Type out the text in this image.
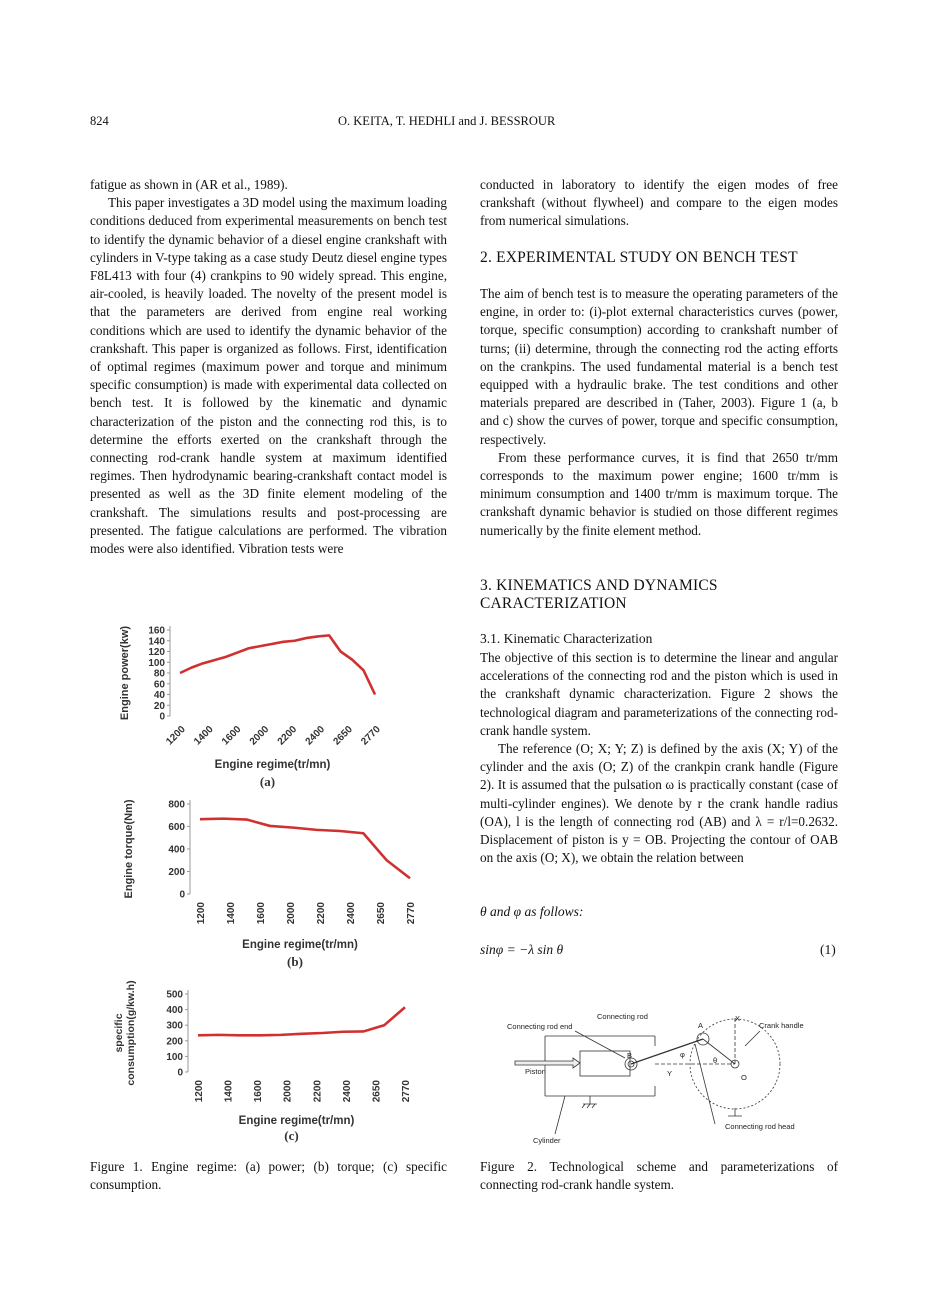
824	O. KEITA, T. HEDHLI and J. BESSROUR

fatigue as shown in (AR et al., 1989).

This paper investigates a 3D model using the maximum loading conditions deduced from experimental measurements on bench test to identify the dynamic behavior of a diesel engine crankshaft with cylinders in V-type taking as a case study Deutz diesel engine types F8L413 with four (4) crankpins to 90 widely spread. This engine, air-cooled, is heavily loaded. The novelty of the present model is that the parameters are derived from engine real working conditions which are used to identify the dynamic behavior of the crankshaft. This paper is organized as follows. First, identification of optimal regimes (maximum power and torque and minimum specific consumption) is made with experimental data collected on bench test. It is followed by the kinematic and dynamic characterization of the piston and the connecting rod this, is to determine the efforts exerted on the crankshaft through the connecting rod-crank handle system at maximum identified regimes. Then hydrodynamic bearing-crankshaft contact model is presented as well as the 3D finite element modeling of the crankshaft. The simulations results and post-processing are presented. The fatigue calculations are performed. The vibration modes were also identified. Vibration tests were

conducted in laboratory to identify the eigen modes of free crankshaft (without flywheel) and compare to the eigen modes from numerical simulations.

2. EXPERIMENTAL STUDY ON BENCH TEST

The aim of bench test is to measure the operating parameters of the engine, in order to: (i)-plot external characteristics curves (power, torque, specific consumption) according to crankshaft number of turns; (ii) determine, through the connecting rod the acting efforts on the crankpins. The used fundamental material is a bench test equipped with a hydraulic brake. The test conditions and other materials prepared are described in (Taher, 2003). Figure 1 (a, b and c) show the curves of power, torque and specific consumption, respectively.

From these performance curves, it is find that 2650 tr/mm corresponds to the maximum power engine; 1600 tr/mm is minimum consumption and 1400 tr/mm is maximum torque. The crankshaft dynamic behavior is studied on those different regimes numerically by the finite element method.

3. KINEMATICS AND DYNAMICS
CARACTERIZATION
3.1. Kinematic Characterization

The objective of this section is to determine the linear and angular accelerations of the connecting rod and the piston which is used in the crankshaft dynamic characterization. Figure 2 shows the technological diagram and parameterizations of the connecting rod-crank handle system.

The reference (O; X; Y; Z) is defined by the axis (X; Y) of the cylinder and the axis (O; Z) of the crankpin crank handle (Figure 2). It is assumed that the pulsation ω is practically constant (case of multi-cylinder engines). We denote by r the crank handle radius (OA), l is the length of connecting rod (AB) and λ = r/l=0.2632. Displacement of piston is y = OB. Projecting the contour of OAB on the axis (O; X), we obtain the relation between

θ and φ as follows:
sinφ = −λ sin θ	(1)
0
20
40
60
80
100
120
140
160
1200 1400 1600 2000 2200 2400 2650 2770
Engine regime(tr/mn)
(a)
Engine power(kw)
0
200
400
600
800
1200 1400 1600 2000 2200 2400 2650 2770
Engine regime(tr/mn)
(b)
Engine torque(Nm)
0
100
200
300
400
500
1200 1400 1600 2000 2200 2400 2650 2770
Engine regime(tr/mn)
(c)
specific consumption(g/kw.h)
Figure 1. Engine regime: (a) power; (b) torque; (c) specific consumption.
Connecting rod
Connecting rod end	Crank handle
Piston
Cylinder
Connecting rod head
A
B
O
X
Y
φ
θ
Figure 2. Technological scheme and parameterizations of connecting rod-crank handle system.
